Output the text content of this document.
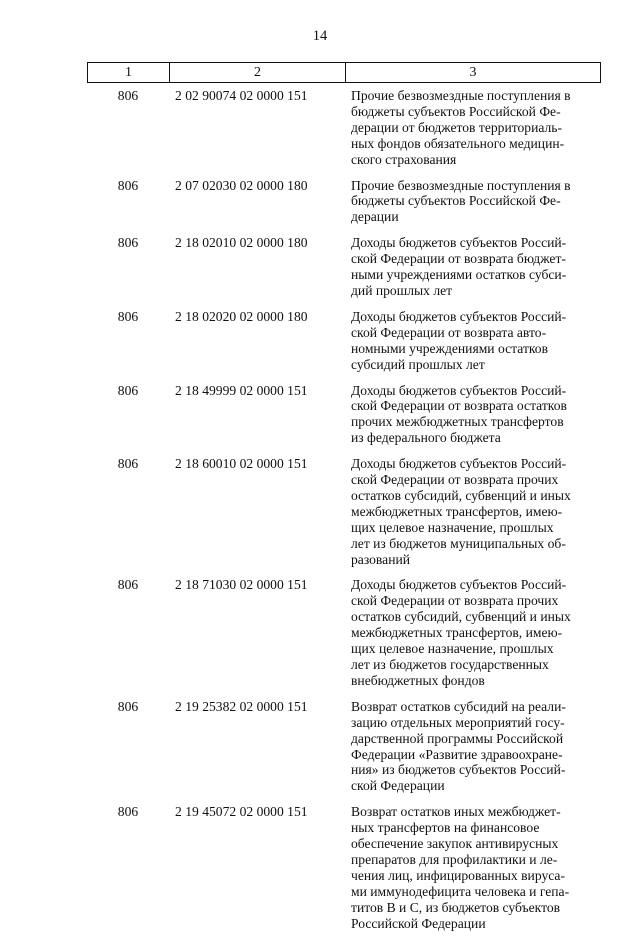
14
1	2	3
806	2 02 90074 02 0000 151	Прочие безвозмездные поступления в
бюджеты субъектов Российской Фе-
дерации от бюджетов территориаль-
ных фондов обязательного медицин-
ского страхования
806	2 07 02030 02 0000 180	Прочие безвозмездные поступления в
бюджеты субъектов Российской Фе-
дерации
806	2 18 02010 02 0000 180	Доходы бюджетов субъектов Россий-
ской Федерации от возврата бюджет-
ными учреждениями остатков субси-
дий прошлых лет
806	2 18 02020 02 0000 180	Доходы бюджетов субъектов Россий-
ской Федерации от возврата авто-
номными учреждениями остатков
субсидий прошлых лет
806	2 18 49999 02 0000 151	Доходы бюджетов субъектов Россий-
ской Федерации от возврата остатков
прочих межбюджетных трансфертов
из федерального бюджета
806	2 18 60010 02 0000 151	Доходы бюджетов субъектов Россий-
ской Федерации от возврата прочих
остатков субсидий, субвенций и иных
межбюджетных трансфертов, имею-
щих целевое назначение, прошлых
лет из бюджетов муниципальных об-
разований
806	2 18 71030 02 0000 151	Доходы бюджетов субъектов Россий-
ской Федерации от возврата прочих
остатков субсидий, субвенций и иных
межбюджетных трансфертов, имею-
щих целевое назначение, прошлых
лет из бюджетов государственных
внебюджетных фондов
806	2 19 25382 02 0000 151	Возврат остатков субсидий на реали-
зацию отдельных мероприятий госу-
дарственной программы Российской
Федерации «Развитие здравоохране-
ния» из бюджетов субъектов Россий-
ской Федерации
806	2 19 45072 02 0000 151	Возврат остатков иных межбюджет-
ных трансфертов на финансовое
обеспечение закупок антивирусных
препаратов для профилактики и ле-
чения лиц, инфицированных вируса-
ми иммунодефицита человека и гепа-
титов B и C, из бюджетов субъектов
Российской Федерации
